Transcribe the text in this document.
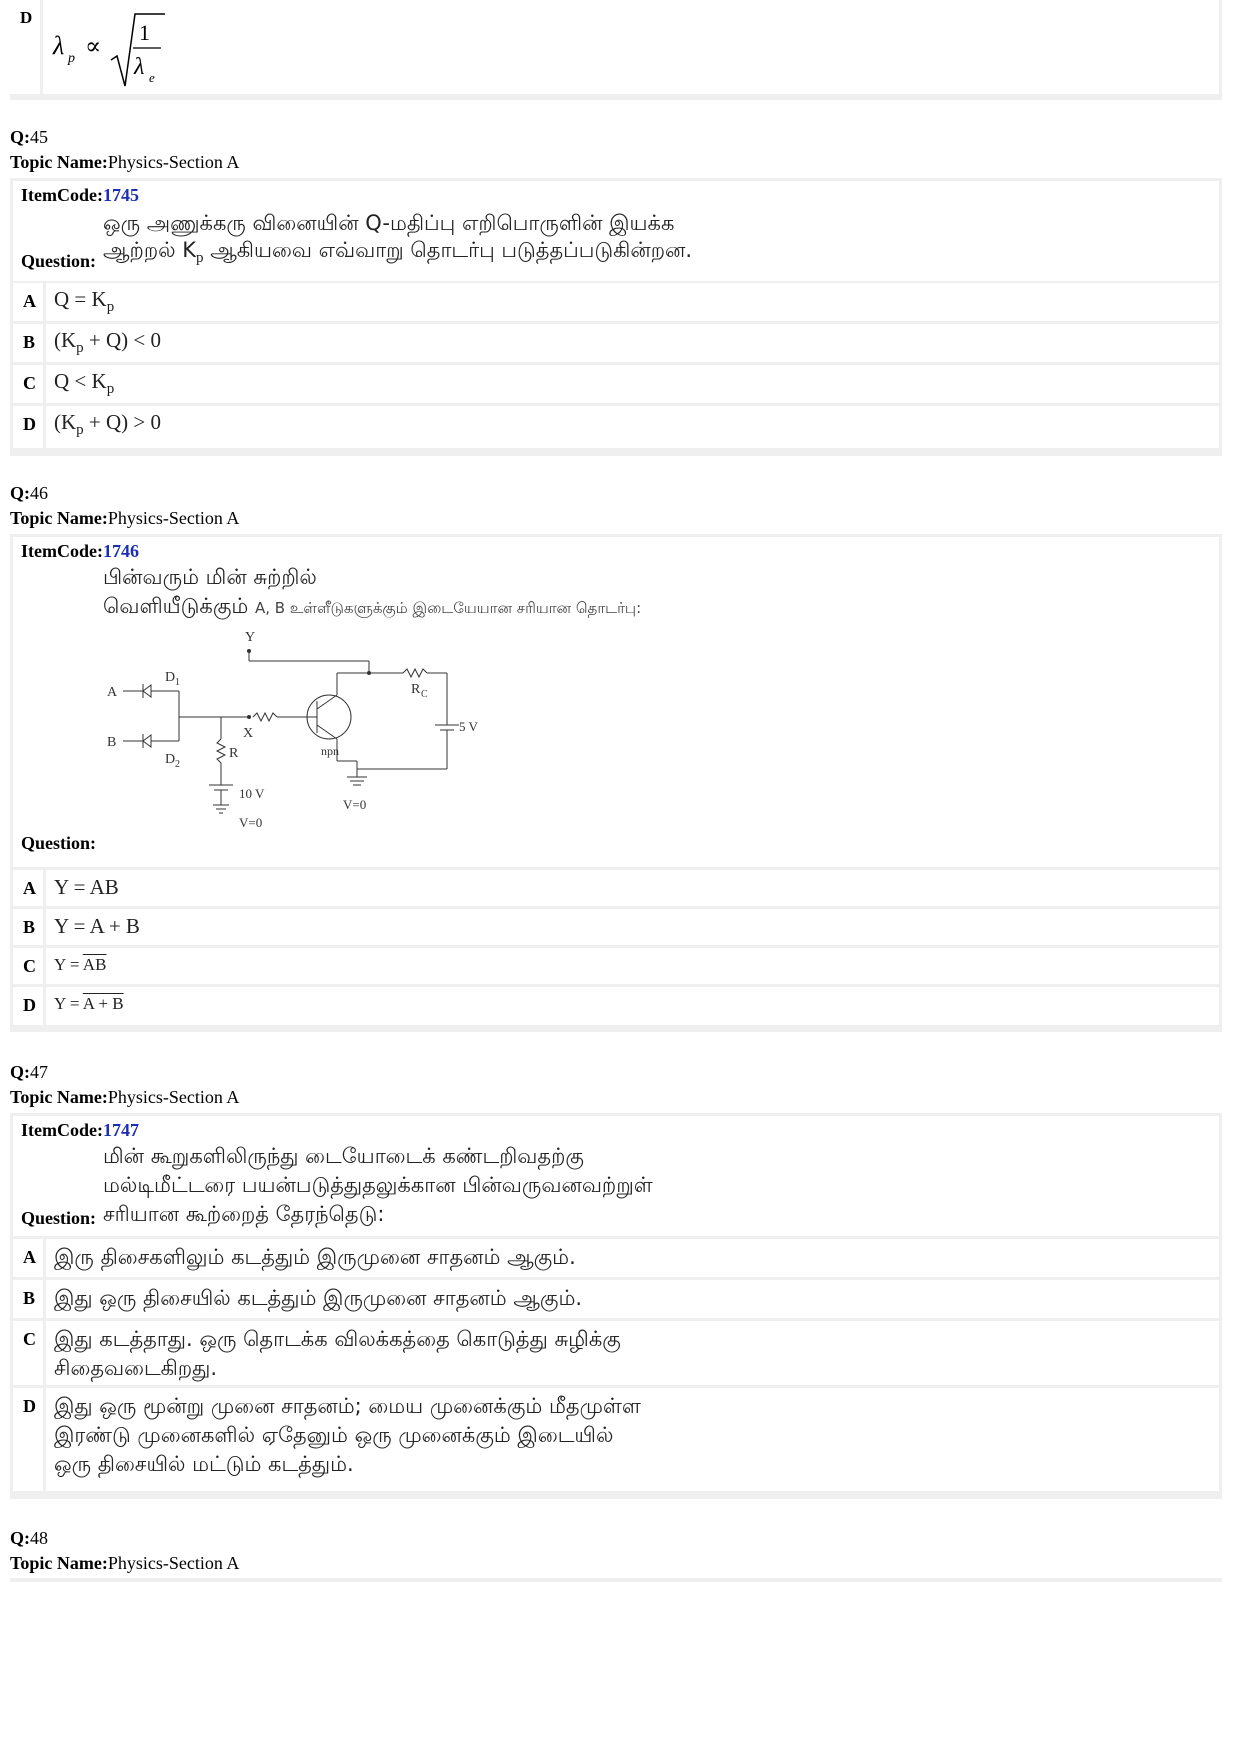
D
λ p ∝ 1
λ e
Q:45
Topic Name:Physics-Section A
ItemCode:1745
ஒரு அணுக்கரு வினையின் Q-மதிப்பு எறிபொருளின் இயக்க
Question: ஆற்றல் $K_p$ ஆகியவை எவ்வாறு தொடர்பு படுத்தப்படுகின்றன.
A $Q = K_p$
B $(K_p + Q) < 0$
C $Q < K_p$
D $(K_p + Q) > 0$
Q:46
Topic Name:Physics-Section A
ItemCode:1746
பின்வரும் மின் சுற்றில்
வெளியீடுக்கும் A, B உள்ளீடுகளுக்கும் இடையேயான சரியான தொடர்பு:
Y
A
B
D 1
D 2
X
R
R C
npn
10 V
V=0
V=0
5 V
Question:
A Y = AB
B Y = A + B
C	$Y = \overline{AB}$
D	Y = A + B
Q:47
Topic Name:Physics-Section A
ItemCode:1747
மின் கூறுகளிலிருந்து டையோடைக் கண்டறிவதற்கு
மல்டிமீட்டரை பயன்படுத்துதலுக்கான பின்வருவனவற்றுள்
சரியான கூற்றைத் தேரந்தெடு:
Question:
A இரு திசைகளிலும் கடத்தும் இருமுனை சாதனம் ஆகும்.
B இது ஒரு திசையில் கடத்தும் இருமுனை சாதனம் ஆகும்.
C இது கடத்தாது. ஒரு தொடக்க விலக்கத்தை கொடுத்து சுழிக்கு
சிதைவடைகிறது.
D இது ஒரு மூன்று முனை சாதனம்; மைய முனைக்கும் மீதமுள்ள
இரண்டு முனைகளில் ஏதேனும் ஒரு முனைக்கும் இடையில்
ஒரு திசையில் மட்டும் கடத்தும்.
Q:48
Topic Name:Physics-Section A
